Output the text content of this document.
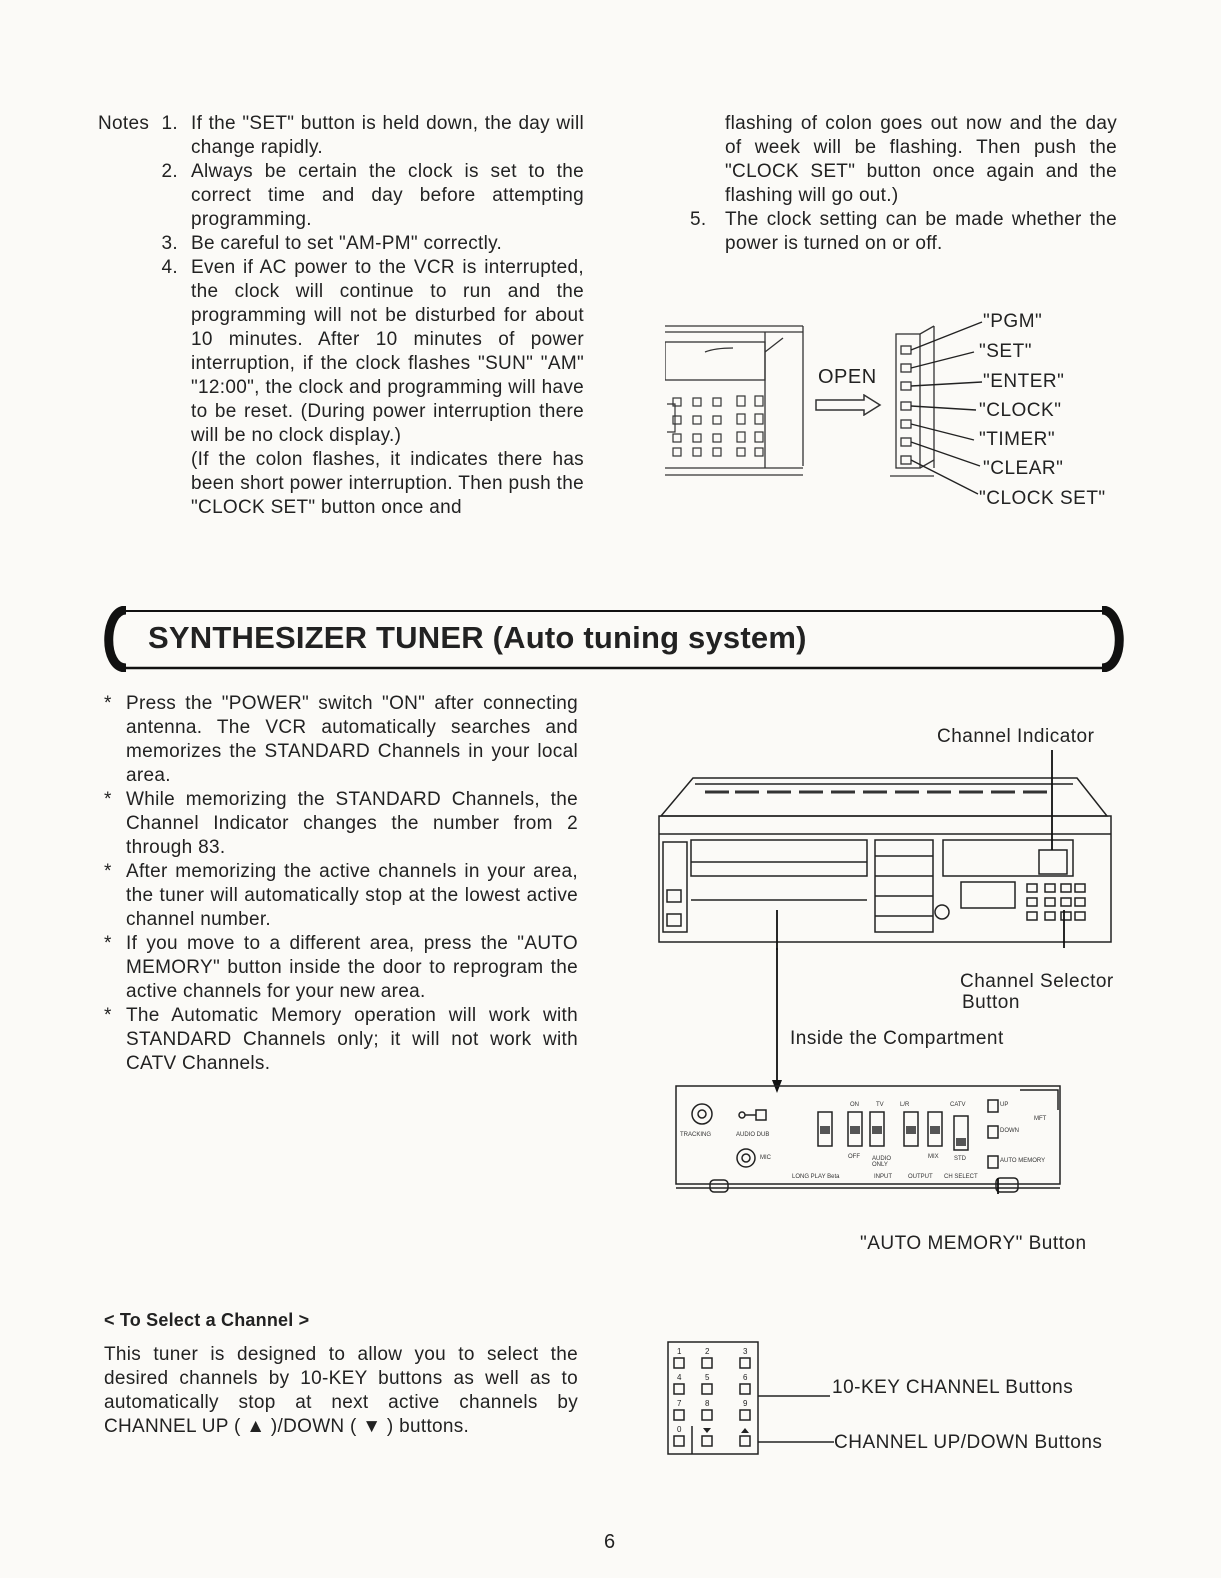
Notes 1. If the "SET" button is held down, the day will change rapidly.
2. Always be certain the clock is set to the correct time and day before attempting programming.
3. Be careful to set "AM-PM" correctly.
4. Even if AC power to the VCR is interrupted, the clock will continue to run and the programming will not be disturbed for about 10 minutes. After 10 minutes of power interruption, if the clock flashes "SUN" "AM" "12:00", the clock and programming will have to be reset. (During power interruption there will be no clock display.)
(If the colon flashes, it indicates there has been short power interruption. Then push the "CLOCK SET" button once and
flashing of colon goes out now and the day of week will be flashing. Then push the "CLOCK SET" button once again and the flashing will go out.)
5. The clock setting can be made whether the power is turned on or off.
OPEN
"PGM"
"SET"
"ENTER"
"CLOCK"
"TIMER"
"CLEAR"
"CLOCK SET"
SYNTHESIZER TUNER (Auto tuning system)
* Press the "POWER" switch "ON" after connecting antenna. The VCR automatically searches and memorizes the STANDARD Channels in your local area.
* While memorizing the STANDARD Channels, the Channel Indicator changes the number from 2 through 83.
* After memorizing the active channels in your area, the tuner will automatically stop at the lowest active channel number.
* If you move to a different area, press the "AUTO MEMORY" button inside the door to reprogram the active channels for your new area.
* The Automatic Memory operation will work with STANDARD Channels only; it will not work with CATV Channels.
Channel Indicator
Channel Selector
Button
Inside the Compartment
TRACKING	AUDIO DUB
MIC
ON
OFF
TV	L/R	CATV
STD
MIX
AUDIO ONLY
LONG PLAY Beta	INPUT	OUTPUT CH SELECT
UP
DOWN
MFT
AUTO MEMORY
"AUTO MEMORY" Button
< To Select a Channel >
This tuner is designed to allow you to select the desired channels by 10-KEY buttons as well as to automatically stop at next active channels by CHANNEL UP ( ▲ )/DOWN ( ▼ ) buttons.
1	2	3
4	5	6
7	8	9
0
10-KEY CHANNEL Buttons
CHANNEL UP/DOWN Buttons
6
